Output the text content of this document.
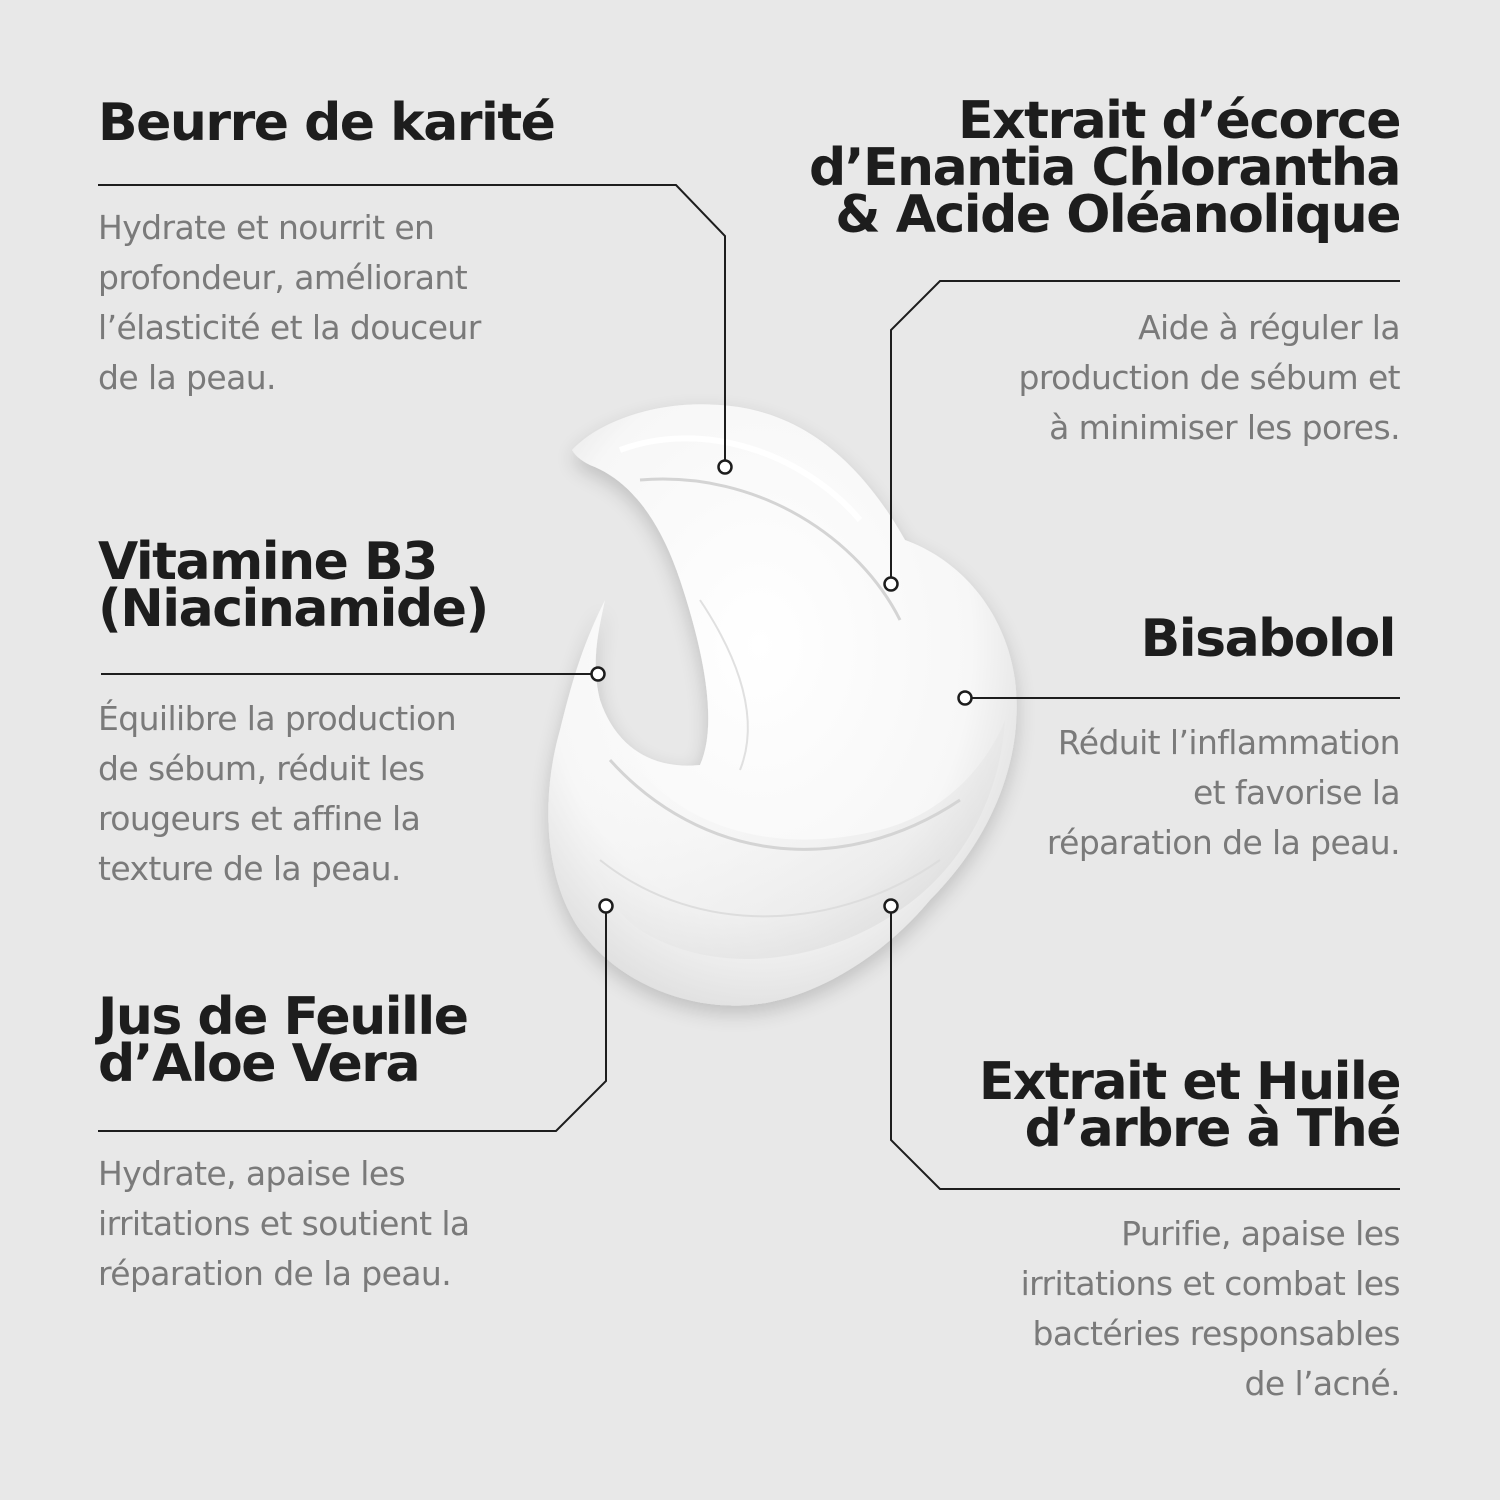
Beurre de karité

Hydrate et nourrit en
profondeur, améliorant
l’élasticité et la douceur
de la peau.

Extrait d’écorce
d’Enantia Chlorantha
& Acide Oléanolique

Aide à réguler la
production de sébum et
à minimiser les pores.

Vitamine B3
(Niacinamide)

Équilibre la production
de sébum, réduit les
rougeurs et affine la
texture de la peau.

Bisabolol

Réduit l’inflammation
et favorise la
réparation de la peau.

Jus de Feuille
d’Aloe Vera

Hydrate, apaise les
irritations et soutient la
réparation de la peau.

Extrait et Huile
d’arbre à Thé

Purifie, apaise les
irritations et combat les
bactéries responsables
de l’acné.
